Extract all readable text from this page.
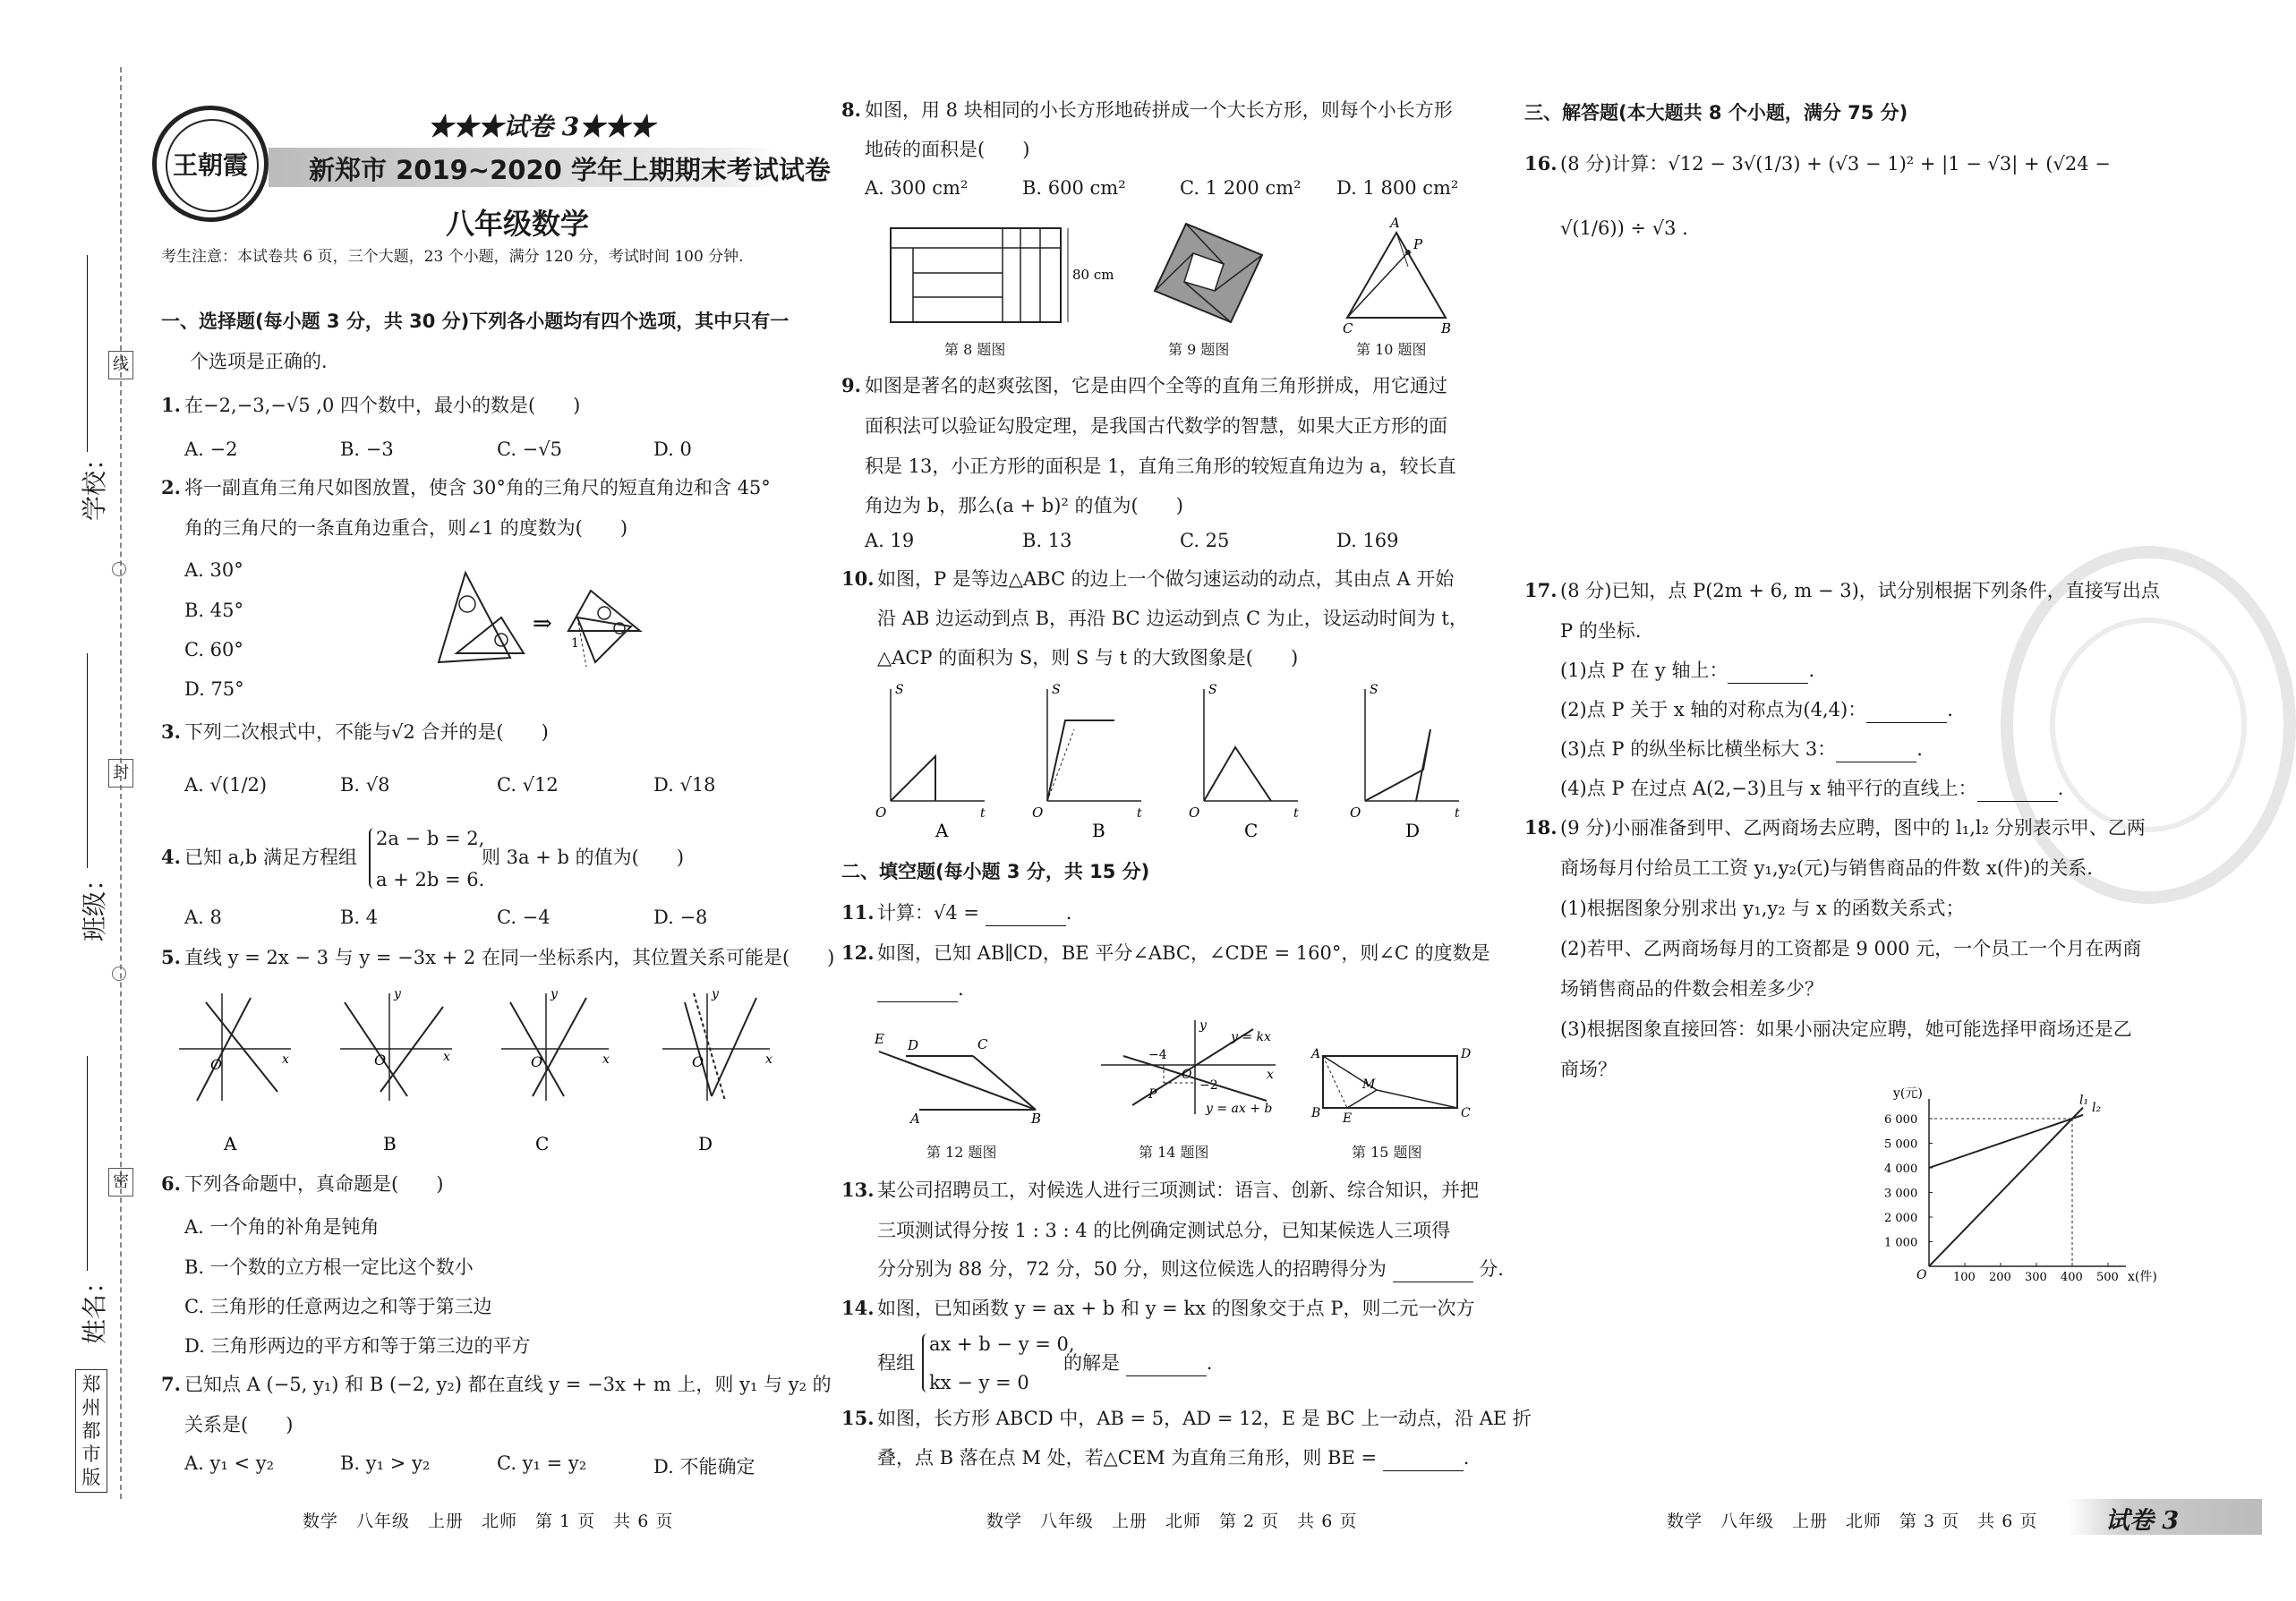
学校：
班级：
姓名：
线
封
密
郑州都市版
王朝霞
★★★试卷 3★★★
新郑市 2019~2020 学年上期期末考试试卷
八年级数学
考生注意：本试卷共 6 页，三个大题，23 个小题，满分 120 分，考试时间 100 分钟.
一、选择题(每小题 3 分，共 30 分)下列各小题均有四个选项，其中只有一
个选项是正确的.
1. 在−2,−3,−√5 ,0 四个数中，最小的数是(　　)
A. −2	B. −3	C. −√5	D. 0
2. 将一副直角三角尺如图放置，使含 30°角的三角尺的短直角边和含 45°
角的三角尺的一条直角边重合，则∠1 的度数为(　　)
A. 30°
B. 45°
C. 60°
D. 75°
⇒
1
3. 下列二次根式中，不能与√2 合并的是(　　)
A. √(1/2)	B. √8	C. √12	D. √18
4. 已知 a,b 满足方程组
2a − b = 2,
a + 2b = 6.
则 3a + b 的值为(　　)
A. 8	B. 4	C. −4	D. −8
5. 直线 y = 2x − 3 与 y = −3x + 2 在同一坐标系内，其位置关系可能是(　　)
O	x	O	x
y
O	x
y
O	x
y
A	B	C	D
6. 下列各命题中，真命题是(　　)
A. 一个角的补角是钝角
B. 一个数的立方根一定比这个数小
C. 三角形的任意两边之和等于第三边
D. 三角形两边的平方和等于第三边的平方
7. 已知点 A (−5, y₁) 和 B (−2, y₂) 都在直线 y = −3x + m 上，则 y₁ 与 y₂ 的
关系是(　　)
A. y₁ < y₂	B. y₁ > y₂	C. y₁ = y₂	D. 不能确定
数学　八年级　上册　北师　第 1 页　共 6 页
8. 如图，用 8 块相同的小长方形地砖拼成一个大长方形，则每个小长方形
地砖的面积是(　　)
A. 300 cm²	B. 600 cm²	C. 1 200 cm² D. 1 800 cm²
80 cm
A
P
C	B
第 8 题图	第 9 题图	第 10 题图
9. 如图是著名的赵爽弦图，它是由四个全等的直角三角形拼成，用它通过
面积法可以验证勾股定理，是我国古代数学的智慧，如果大正方形的面
积是 13，小正方形的面积是 1，直角三角形的较短直角边为 a，较长直
角边为 b，那么(a + b)² 的值为(　　)
A. 19	B. 13	C. 25	D. 169
10. 如图，P 是等边△ABC 的边上一个做匀速运动的动点，其由点 A 开始
沿 AB 边运动到点 B，再沿 BC 边运动到点 C 为止，设运动时间为 t，
△ACP 的面积为 S，则 S 与 t 的大致图象是(　　)
S
O	t
S
O	t
S
O	t
S
O	t
A	B	C	D
二、填空题(每小题 3 分，共 15 分)
11. 计算：√4 =	.
12. 如图，已知 AB∥CD，BE 平分∠ABC，∠CDE = 160°，则∠C 的度数是
.
E D	C
A	B
−4
−2
y
O
P
x
y = kx
y = ax + b
A	D
B	C
E
M
第 12 题图	第 14 题图	第 15 题图
13. 某公司招聘员工，对候选人进行三项测试：语言、创新、综合知识，并把
三项测试得分按 1 : 3 : 4 的比例确定测试总分，已知某候选人三项得
分分别为 88 分，72 分，50 分，则这位候选人的招聘得分为	分.
14. 如图，已知函数 y = ax + b 和 y = kx 的图象交于点 P，则二元一次方
程组
ax + b − y = 0,
kx − y = 0
的解是	.
15. 如图，长方形 ABCD 中，AB = 5，AD = 12，E 是 BC 上一动点，沿 AE 折
叠，点 B 落在点 M 处，若△CEM 为直角三角形，则 BE =	.
数学　八年级　上册　北师　第 2 页　共 6 页
三、解答题(本大题共 8 个小题，满分 75 分)
16. (8 分)计算：√12 − 3√(1/3) + (√3 − 1)² + |1 − √3| + (√24 −
√(1/6)) ÷ √3 .
17. (8 分)已知，点 P(2m + 6, m − 3)，试分别根据下列条件，直接写出点
P 的坐标.
(1)点 P 在 y 轴上：	.
(2)点 P 关于 x 轴的对称点为(4,4)：	.
(3)点 P 的纵坐标比横坐标大 3：	.
(4)点 P 在过点 A(2,−3)且与 x 轴平行的直线上：	.
18. (9 分)小丽准备到甲、乙两商场去应聘，图中的 l₁,l₂ 分别表示甲、乙两
商场每月付给员工工资 y₁,y₂(元)与销售商品的件数 x(件)的关系.
(1)根据图象分别求出 y₁,y₂ 与 x 的函数关系式；
(2)若甲、乙两商场每月的工资都是 9 000 元，一个员工一个月在两商
场销售商品的件数会相差多少？
(3)根据图象直接回答：如果小丽决定应聘，她可能选择甲商场还是乙
商场？
y(元)
x(件)
O 100 200 300 400 500
1 000
2 000
3 000
4 000
5 000
6 000
l₁
l₂
数学　八年级　上册　北师　第 3 页　共 6 页	试卷 3
